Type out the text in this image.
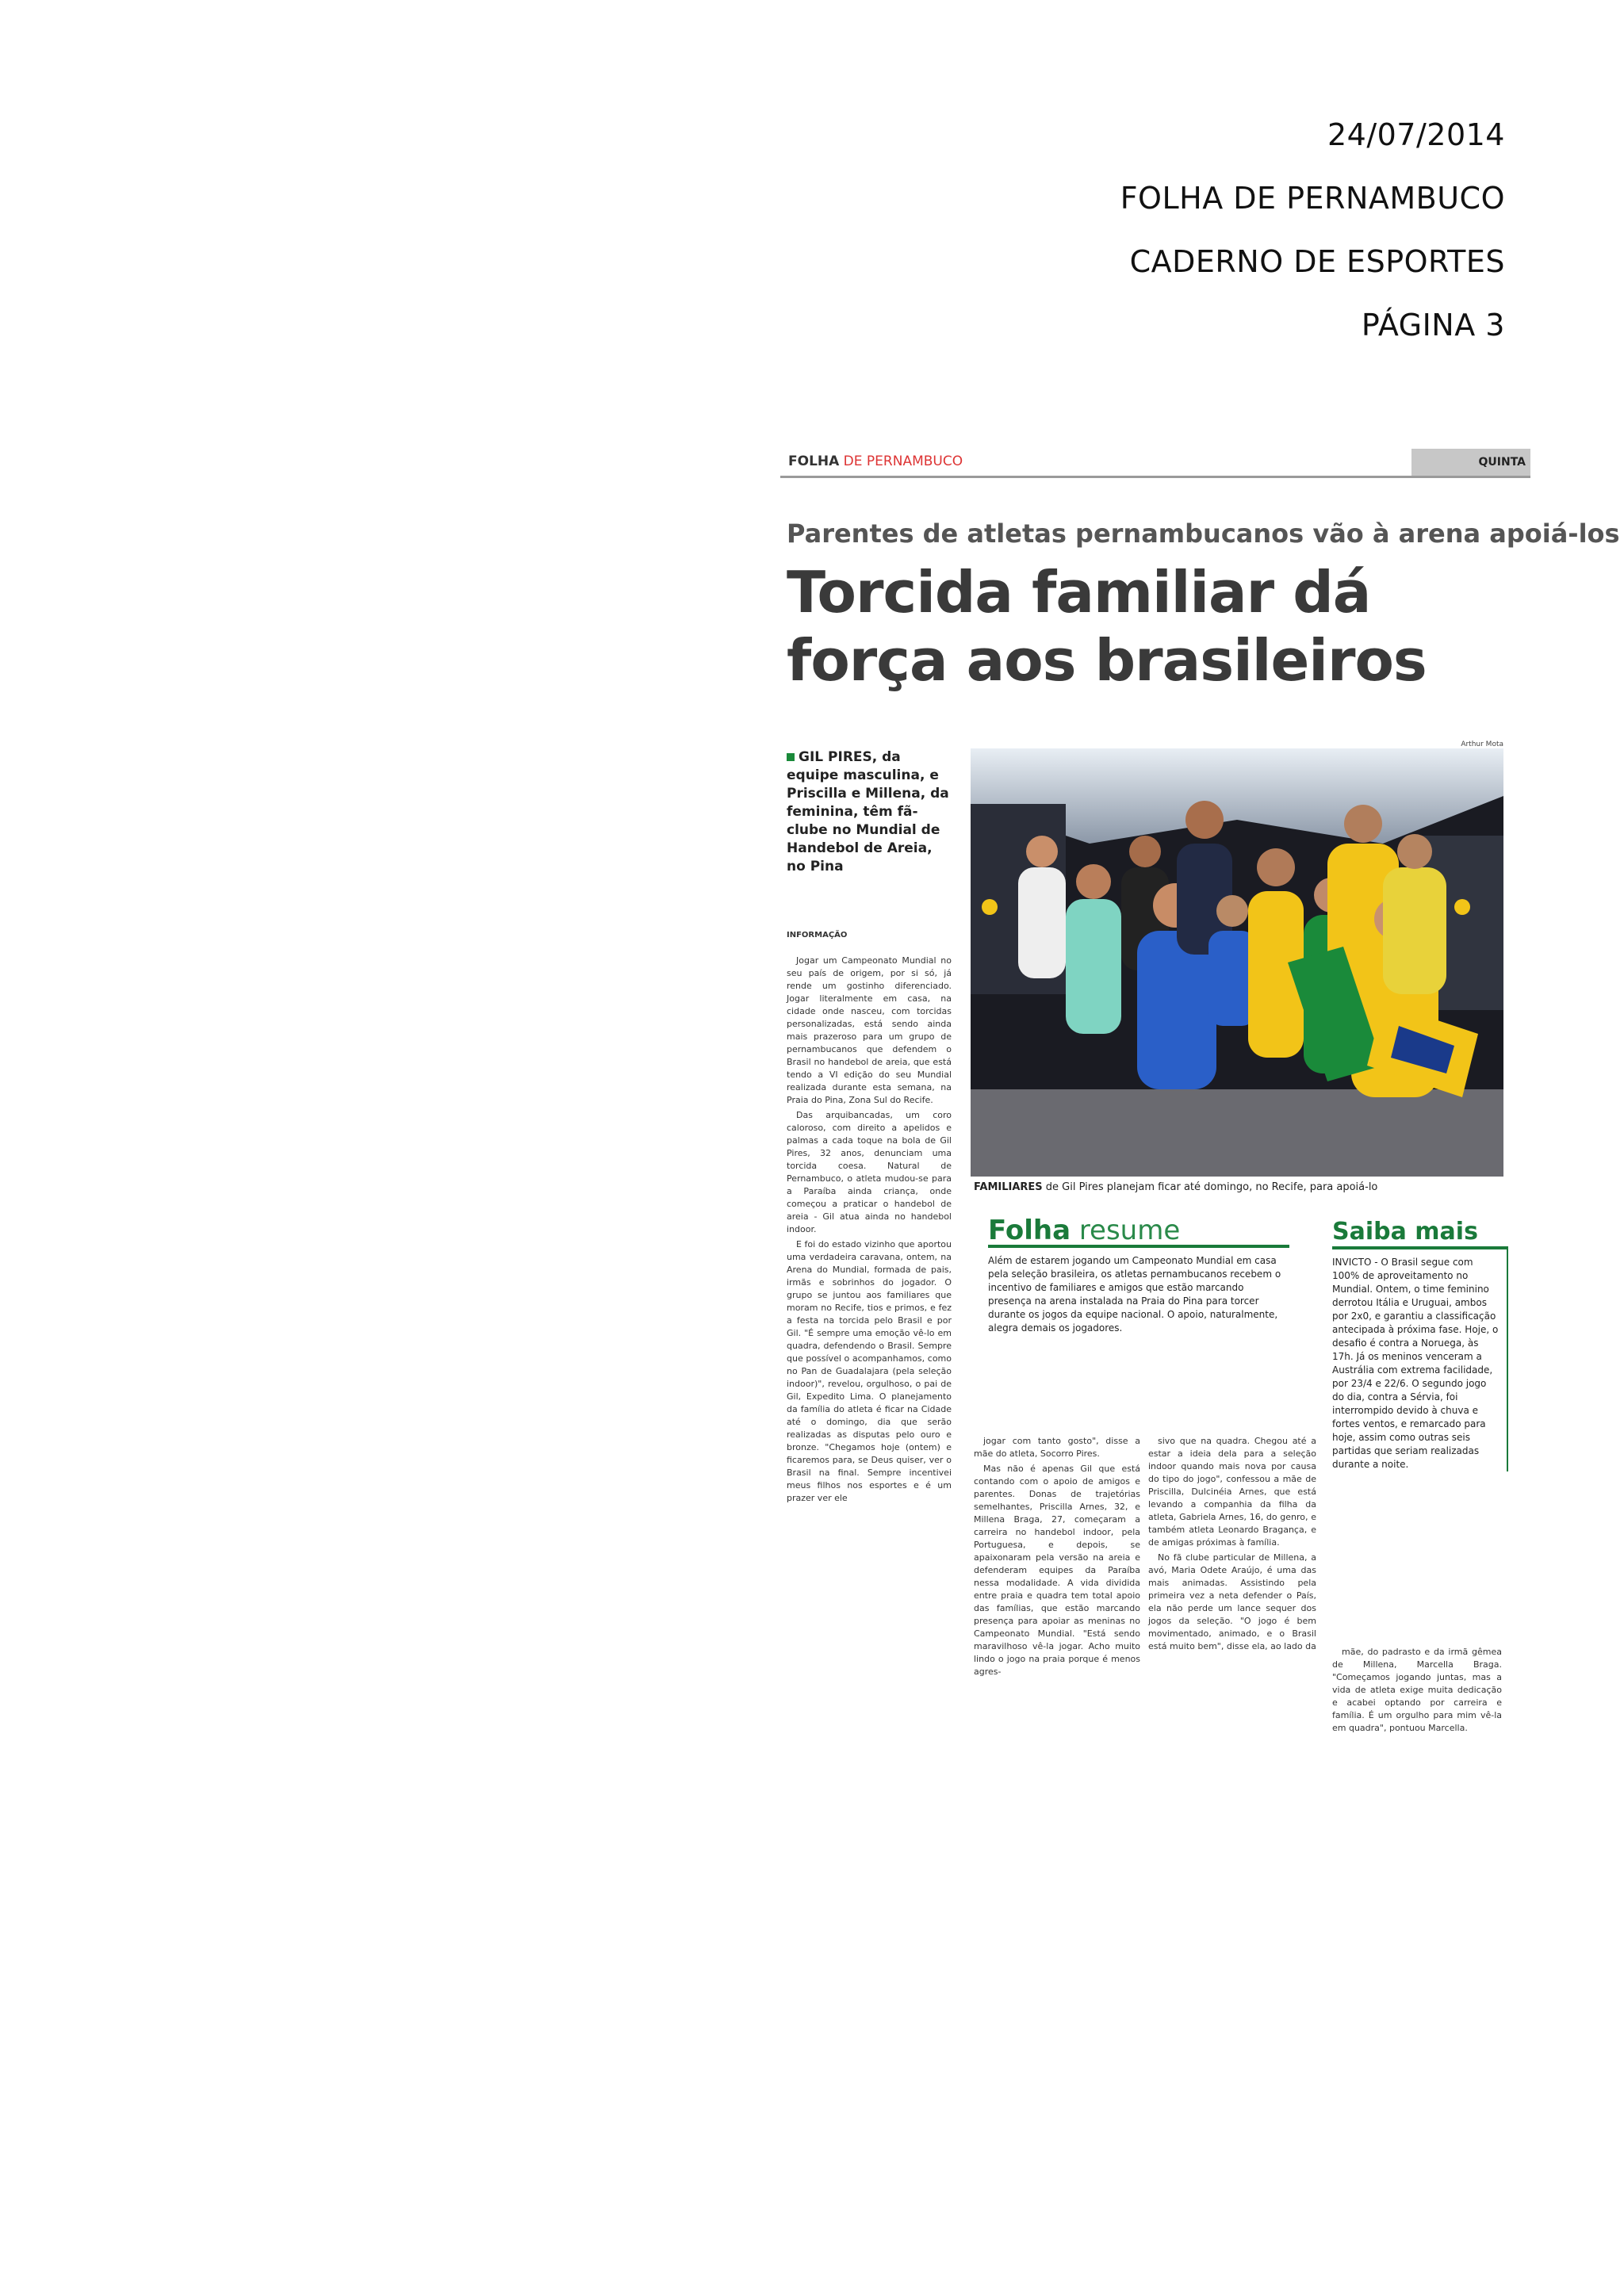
24/07/2014
FOLHA DE PERNAMBUCO
CADERNO DE ESPORTES
PÁGINA 3
FOLHA DE PERNAMBUCO	QUINTA
Parentes de atletas pernambucanos vão à arena apoiá-los
Torcida familiar dá
força aos brasileiros
GIL PIRES, da equipe masculina, e Priscilla e Millena, da feminina, têm fã-clube no Mundial de Handebol de Areia, no Pina
Arthur Mota
FAMILIARES de Gil Pires planejam ficar até domingo, no Recife, para apoiá-lo
INFORMAÇÃO

Jogar um Campeonato Mundial no seu país de origem, por si só, já rende um gostinho diferenciado. Jogar literalmente em casa, na cidade onde nasceu, com torcidas personalizadas, está sendo ainda mais prazeroso para um grupo de pernambucanos que defendem o Brasil no handebol de areia, que está tendo a VI edição do seu Mundial realizada durante esta semana, na Praia do Pina, Zona Sul do Recife.

Das arquibancadas, um coro caloroso, com direito a apelidos e palmas a cada toque na bola de Gil Pires, 32 anos, denunciam uma torcida coesa. Natural de Pernambuco, o atleta mudou-se para a Paraíba ainda criança, onde começou a praticar o handebol de areia - Gil atua ainda no handebol indoor.

E foi do estado vizinho que aportou uma verdadeira caravana, ontem, na Arena do Mundial, formada de pais, irmãs e sobrinhos do jogador. O grupo se juntou aos familiares que moram no Recife, tios e primos, e fez a festa na torcida pelo Brasil e por Gil. "É sempre uma emoção vê-lo em quadra, defendendo o Brasil. Sempre que possível o acompanhamos, como no Pan de Guadalajara (pela seleção indoor)", revelou, orgulhoso, o pai de Gil, Expedito Lima. O planejamento da família do atleta é ficar na Cidade até o domingo, dia que serão realizadas as disputas pelo ouro e bronze. "Chegamos hoje (ontem) e ficaremos para, se Deus quiser, ver o Brasil na final. Sempre incentivei meus filhos nos esportes e é um prazer ver ele

Folha resume
Além de estarem jogando um Campeonato Mundial em casa pela seleção brasileira, os atletas pernambucanos recebem o incentivo de familiares e amigos que estão marcando presença na arena instalada na Praia do Pina para torcer durante os jogos da equipe nacional. O apoio, naturalmente, alegra demais os jogadores.

jogar com tanto gosto", disse a mãe do atleta, Socorro Pires.

Mas não é apenas Gil que está contando com o apoio de amigos e parentes. Donas de trajetórias semelhantes, Priscilla Arnes, 32, e Millena Braga, 27, começaram a carreira no handebol indoor, pela Portuguesa, e depois, se apaixonaram pela versão na areia e defenderam equipes da Paraíba nessa modalidade. A vida dividida entre praia e quadra tem total apoio das famílias, que estão marcando presença para apoiar as meninas no Campeonato Mundial. "Está sendo maravilhoso vê-la jogar. Acho muito lindo o jogo na praia porque é menos agres-

sivo que na quadra. Chegou até a estar a ideia dela para a seleção indoor quando mais nova por causa do tipo do jogo", confessou a mãe de Priscilla, Dulcinéia Arnes, que está levando a companhia da filha da atleta, Gabriela Arnes, 16, do genro, e também atleta Leonardo Bragança, e de amigas próximas à família.

No fã clube particular de Millena, a avó, Maria Odete Araújo, é uma das mais animadas. Assistindo pela primeira vez a neta defender o País, ela não perde um lance sequer dos jogos da seleção. "O jogo é bem movimentado, animado, e o Brasil está muito bem", disse ela, ao lado da

Saiba mais
INVICTO - O Brasil segue com 100% de aproveitamento no Mundial. Ontem, o time feminino derrotou Itália e Uruguai, ambos por 2x0, e garantiu a classificação antecipada à próxima fase. Hoje, o desafio é contra a Noruega, às 17h. Já os meninos venceram a Austrália com extrema facilidade, por 23/4 e 22/6. O segundo jogo do dia, contra a Sérvia, foi interrompido devido à chuva e fortes ventos, e remarcado para hoje, assim como outras seis partidas que seriam realizadas durante a noite.

mãe, do padrasto e da irmã gêmea de Millena, Marcella Braga. "Começamos jogando juntas, mas a vida de atleta exige muita dedicação e acabei optando por carreira e família. É um orgulho para mim vê-la em quadra", pontuou Marcella.
